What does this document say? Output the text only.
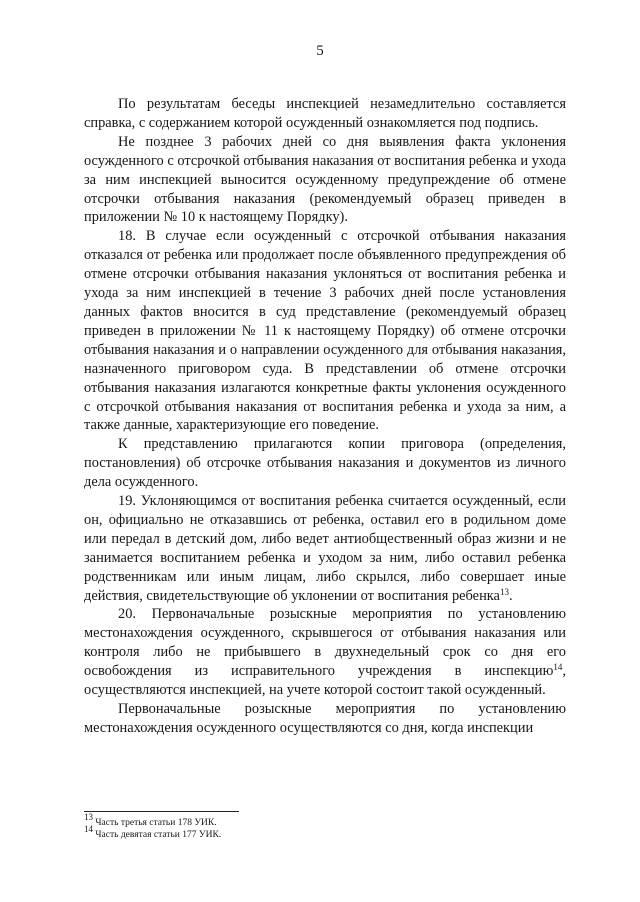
5

По результатам беседы инспекцией незамедлительно составляется справка, с содержанием которой осужденный ознакомляется под подпись.

Не позднее 3 рабочих дней со дня выявления факта уклонения осужденного с отсрочкой отбывания наказания от воспитания ребенка и ухода за ним инспекцией выносится осужденному предупреждение об отмене отсрочки отбывания наказания (рекомендуемый образец приведен в приложении № 10 к настоящему Порядку).

18. В случае если осужденный с отсрочкой отбывания наказания отказался от ребенка или продолжает после объявленного предупреждения об отмене отсрочки отбывания наказания уклоняться от воспитания ребенка и ухода за ним инспекцией в течение 3 рабочих дней после установления данных фактов вносится в суд представление (рекомендуемый образец приведен в приложении № 11 к настоящему Порядку) об отмене отсрочки отбывания наказания и о направлении осужденного для отбывания наказания, назначенного приговором суда. В представлении об отмене отсрочки отбывания наказания излагаются конкретные факты уклонения осужденного с отсрочкой отбывания наказания от воспитания ребенка и ухода за ним, а также данные, характеризующие его поведение.

К представлению прилагаются копии приговора (определения, постановления) об отсрочке отбывания наказания и документов из личного дела осужденного.

19. Уклоняющимся от воспитания ребенка считается осужденный, если он, официально не отказавшись от ребенка, оставил его в родильном доме или передал в детский дом, либо ведет антиобщественный образ жизни и не занимается воспитанием ребенка и уходом за ним, либо оставил ребенка родственникам или иным лицам, либо скрылся, либо совершает иные действия, свидетельствующие об уклонении от воспитания ребенка$^{13}$.

20. Первоначальные розыскные мероприятия по установлению местонахождения осужденного, скрывшегося от отбывания наказания или контроля либо не прибывшего в двухнедельный срок со дня его освобождения из исправительного учреждения в инспекцию$^{14}$, осуществляются инспекцией, на учете которой состоит такой осужденный.

Первоначальные розыскные мероприятия по установлению местонахождения осужденного осуществляются со дня, когда инспекции

$^{13}$ Часть третья статьи 178 УИК.

$^{14}$ Часть девятая статьи 177 УИК.
